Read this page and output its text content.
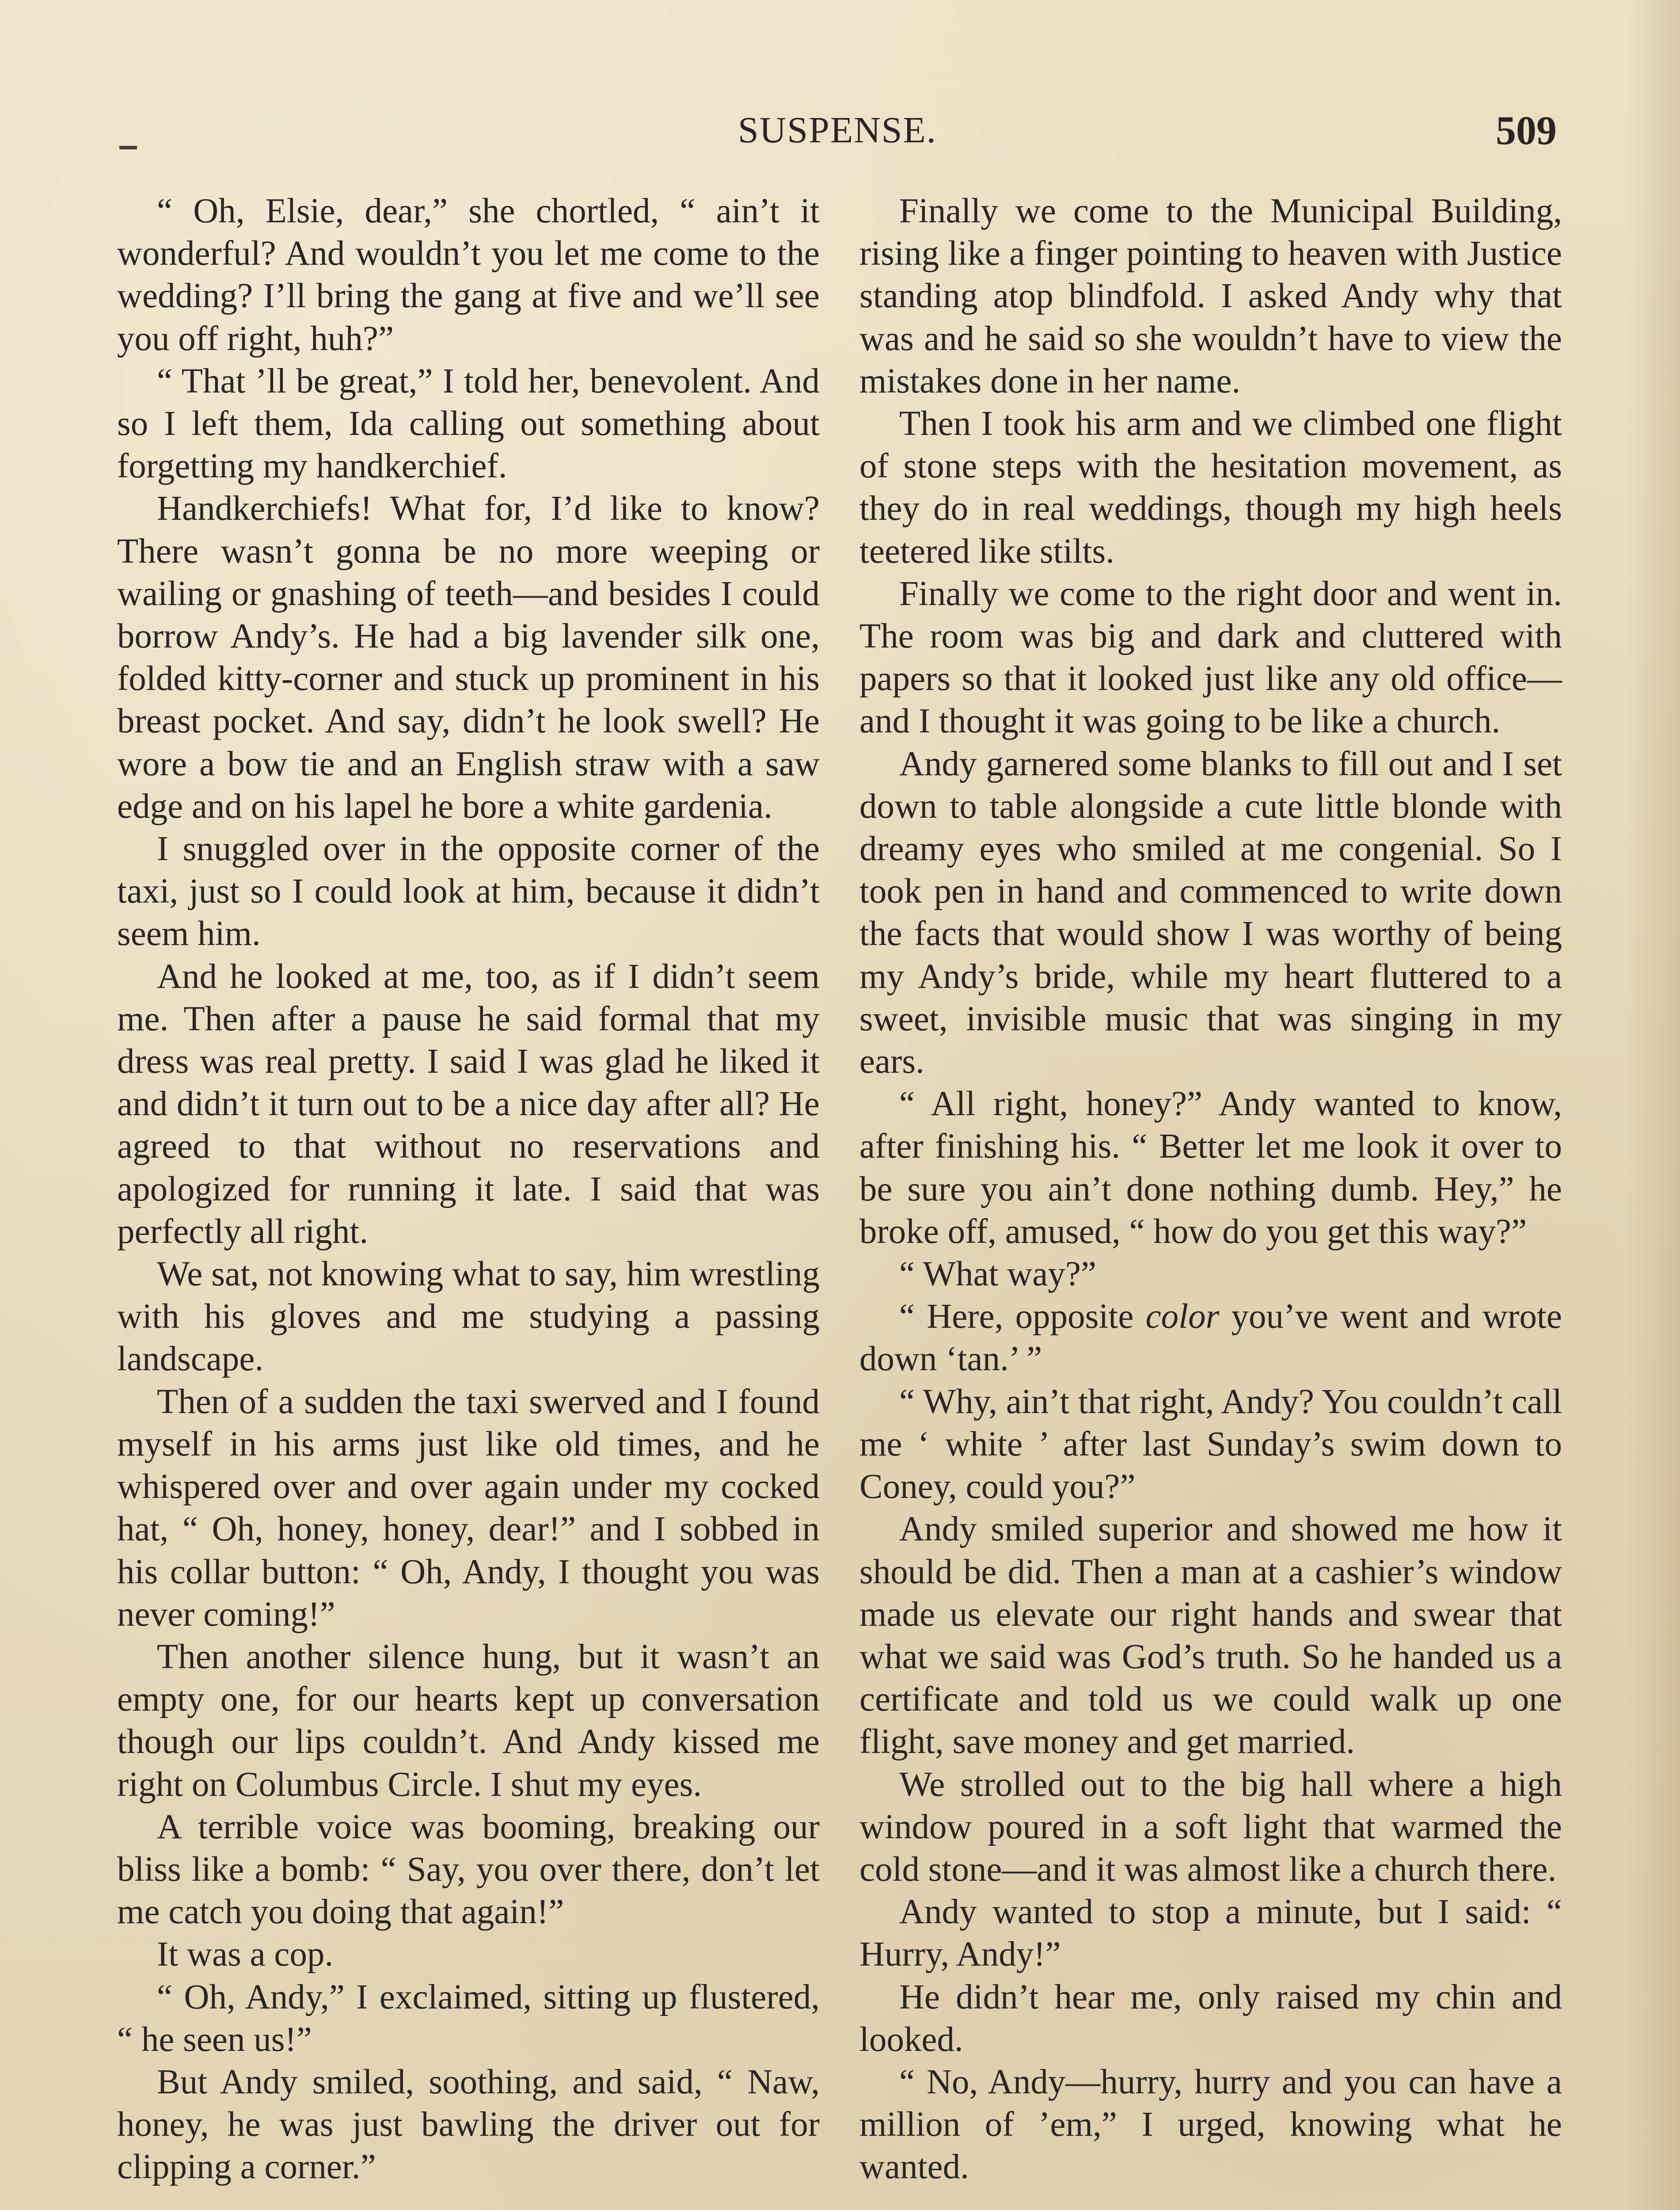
SUSPENSE.	509

“ Oh, Elsie, dear,” she chortled, “ ain’t it wonderful? And wouldn’t you let me come to the wedding? I’ll bring the gang at five and we’ll see you off right, huh?”

“ That ’ll be great,” I told her, benevolent. And so I left them, Ida calling out something about forgetting my handkerchief.

Handkerchiefs! What for, I’d like to know? There wasn’t gonna be no more weeping or wailing or gnashing of teeth—and besides I could borrow Andy’s. He had a big lavender silk one, folded kitty-corner and stuck up prominent in his breast pocket. And say, didn’t he look swell? He wore a bow tie and an English straw with a saw edge and on his lapel he bore a white gardenia.

I snuggled over in the opposite corner of the taxi, just so I could look at him, because it didn’t seem him.

And he looked at me, too, as if I didn’t seem me. Then after a pause he said formal that my dress was real pretty. I said I was glad he liked it and didn’t it turn out to be a nice day after all? He agreed to that without no reservations and apologized for running it late. I said that was perfectly all right.

We sat, not knowing what to say, him wrestling with his gloves and me studying a passing landscape.

Then of a sudden the taxi swerved and I found myself in his arms just like old times, and he whispered over and over again under my cocked hat, “ Oh, honey, honey, dear!” and I sobbed in his collar button: “ Oh, Andy, I thought you was never coming!”

Then another silence hung, but it wasn’t an empty one, for our hearts kept up conversation though our lips couldn’t. And Andy kissed me right on Columbus Circle. I shut my eyes.

A terrible voice was booming, breaking our bliss like a bomb: “ Say, you over there, don’t let me catch you doing that again!”

It was a cop.

“ Oh, Andy,” I exclaimed, sitting up flustered, “ he seen us!”

But Andy smiled, soothing, and said, “ Naw, honey, he was just bawling the driver out for clipping a corner.”

Finally we come to the Municipal Building, rising like a finger pointing to heaven with Justice standing atop blindfold. I asked Andy why that was and he said so she wouldn’t have to view the mistakes done in her name.

Then I took his arm and we climbed one flight of stone steps with the hesitation movement, as they do in real weddings, though my high heels teetered like stilts.

Finally we come to the right door and went in. The room was big and dark and cluttered with papers so that it looked just like any old office—and I thought it was going to be like a church.

Andy garnered some blanks to fill out and I set down to table alongside a cute little blonde with dreamy eyes who smiled at me congenial. So I took pen in hand and commenced to write down the facts that would show I was worthy of being my Andy’s bride, while my heart fluttered to a sweet, invisible music that was singing in my ears.

“ All right, honey?” Andy wanted to know, after finishing his. “ Better let me look it over to be sure you ain’t done nothing dumb. Hey,” he broke off, amused, “ how do you get this way?”

“ What way?”

“ Here, opposite color you’ve went and wrote down ‘tan.’ ”

“ Why, ain’t that right, Andy? You couldn’t call me ‘ white ’ after last Sunday’s swim down to Coney, could you?”

Andy smiled superior and showed me how it should be did. Then a man at a cashier’s window made us elevate our right hands and swear that what we said was God’s truth. So he handed us a certificate and told us we could walk up one flight, save money and get married.

We strolled out to the big hall where a high window poured in a soft light that warmed the cold stone—and it was almost like a church there.

Andy wanted to stop a minute, but I said: “ Hurry, Andy!”

He didn’t hear me, only raised my chin and looked.

“ No, Andy—hurry, hurry and you can have a million of ’em,” I urged, knowing what he wanted.
